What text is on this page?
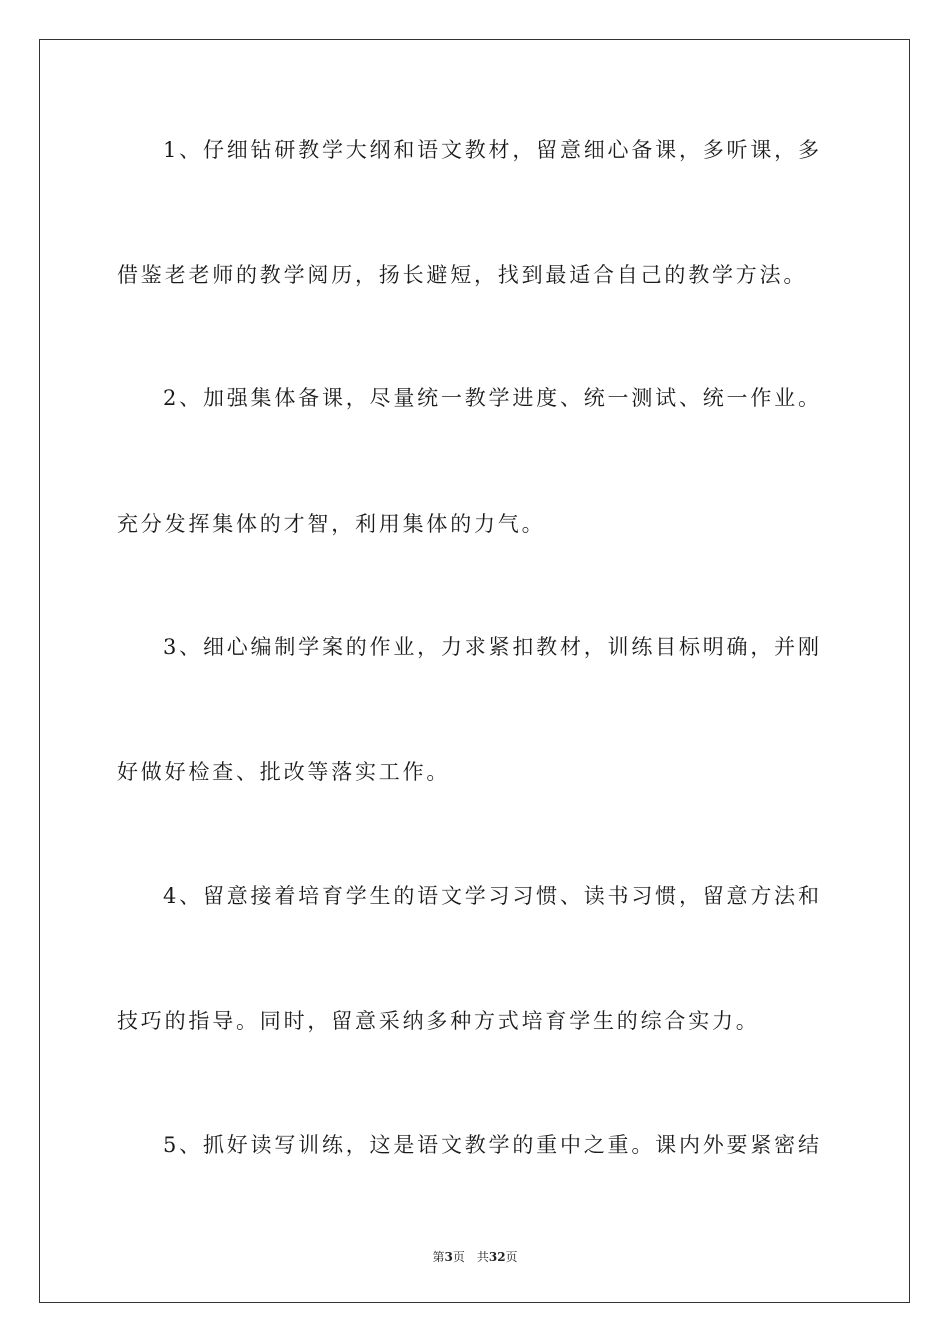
1、仔细钻研教学大纲和语文教材，留意细心备课，多听课，多
借鉴老老师的教学阅历，扬长避短，找到最适合自己的教学方法。
2、加强集体备课，尽量统一教学进度、统一测试、统一作业。
充分发挥集体的才智，利用集体的力气。
3、细心编制学案的作业，力求紧扣教材，训练目标明确，并刚
好做好检查、批改等落实工作。
4、留意接着培育学生的语文学习习惯、读书习惯，留意方法和
技巧的指导。同时，留意采纳多种方式培育学生的综合实力。
5、抓好读写训练，这是语文教学的重中之重。课内外要紧密结
第3页 共32页
